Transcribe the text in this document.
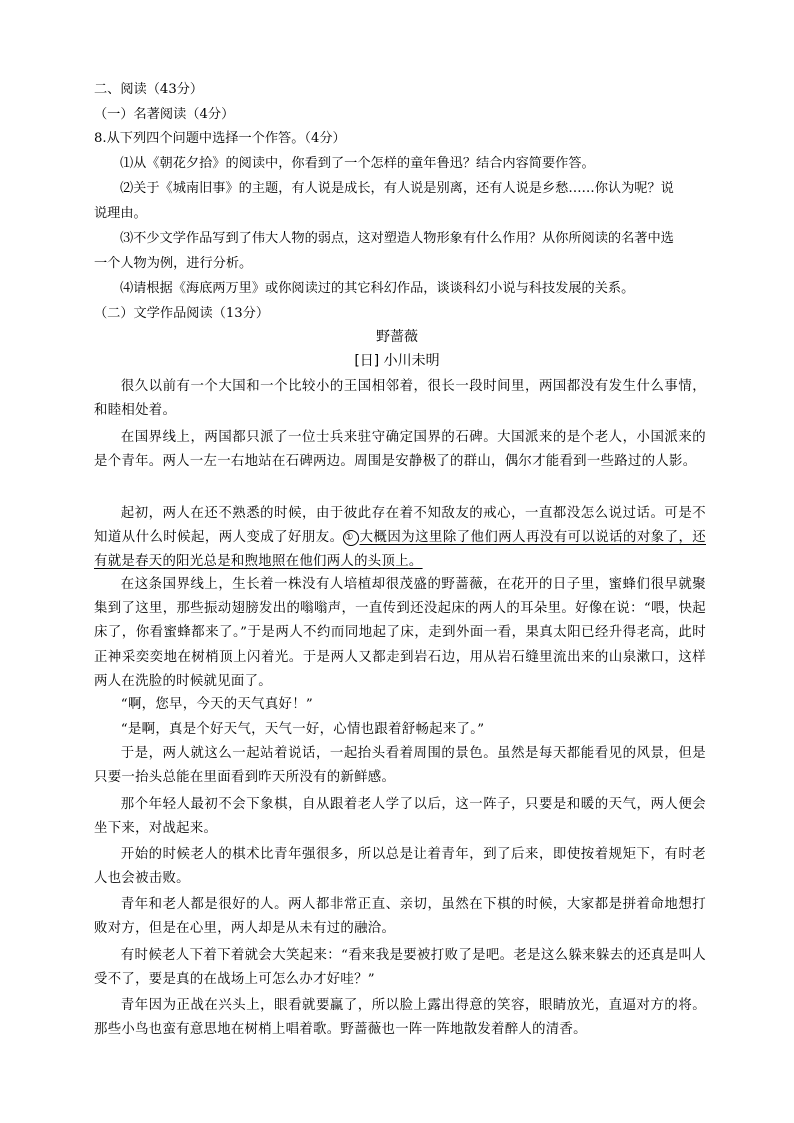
二、阅读（43分）
（一）名著阅读（4分）
8.从下列四个问题中选择一个作答。（4分）
⑴从《朝花夕拾》的阅读中，你看到了一个怎样的童年鲁迅？结合内容简要作答。
⑵关于《城南旧事》的主题，有人说是成长，有人说是别离，还有人说是乡愁……你认为呢？说
说理由。
⑶不少文学作品写到了伟大人物的弱点，这对塑造人物形象有什么作用？从你所阅读的名著中选
一个人物为例，进行分析。
⑷请根据《海底两万里》或你阅读过的其它科幻作品，谈谈科幻小说与科技发展的关系。
（二）文学作品阅读（13分）
野蔷薇
[日] 小川未明
很久以前有一个大国和一个比较小的王国相邻着，很长一段时间里，两国都没有发生什么事情，和睦相处着。
在国界线上，两国都只派了一位士兵来驻守确定国界的石碑。大国派来的是个老人，小国派来的是个青年。两人一左一右地站在石碑两边。周围是安静极了的群山，偶尔才能看到一些路过的人影。
起初，两人在还不熟悉的时候，由于彼此存在着不知敌友的戒心，一直都没怎么说过话。可是不知道从什么时候起，两人变成了好朋友。① 大概因为这里除了他们两人再没有可以说话的对象了，还有就是春天的阳光总是和煦地照在他们两人的头顶上。
在这条国界线上，生长着一株没有人培植却很茂盛的野蔷薇，在花开的日子里，蜜蜂们很早就聚集到了这里，那些振动翅膀发出的嗡嗡声，一直传到还没起床的两人的耳朵里。好像在说：“喂，快起床了，你看蜜蜂都来了。”于是两人不约而同地起了床，走到外面一看，果真太阳已经升得老高，此时正神采奕奕地在树梢顶上闪着光。于是两人又都走到岩石边，用从岩石缝里流出来的山泉漱口，这样两人在洗脸的时候就见面了。
“啊，您早，今天的天气真好！”
“是啊，真是个好天气，天气一好，心情也跟着舒畅起来了。”
于是，两人就这么一起站着说话，一起抬头看着周围的景色。虽然是每天都能看见的风景，但是只要一抬头总能在里面看到昨天所没有的新鲜感。
那个年轻人最初不会下象棋，自从跟着老人学了以后，这一阵子，只要是和暖的天气，两人便会坐下来，对战起来。
开始的时候老人的棋术比青年强很多，所以总是让着青年，到了后来，即使按着规矩下，有时老人也会被击败。
青年和老人都是很好的人。两人都非常正直、亲切，虽然在下棋的时候，大家都是拼着命地想打败对方，但是在心里，两人却是从未有过的融洽。
有时候老人下着下着就会大笑起来：“看来我是要被打败了是吧。老是这么躲来躲去的还真是叫人受不了，要是真的在战场上可怎么办才好哇？”
青年因为正战在兴头上，眼看就要赢了，所以脸上露出得意的笑容，眼睛放光，直逼对方的将。那些小鸟也蛮有意思地在树梢上唱着歌。野蔷薇也一阵一阵地散发着醉人的清香。
